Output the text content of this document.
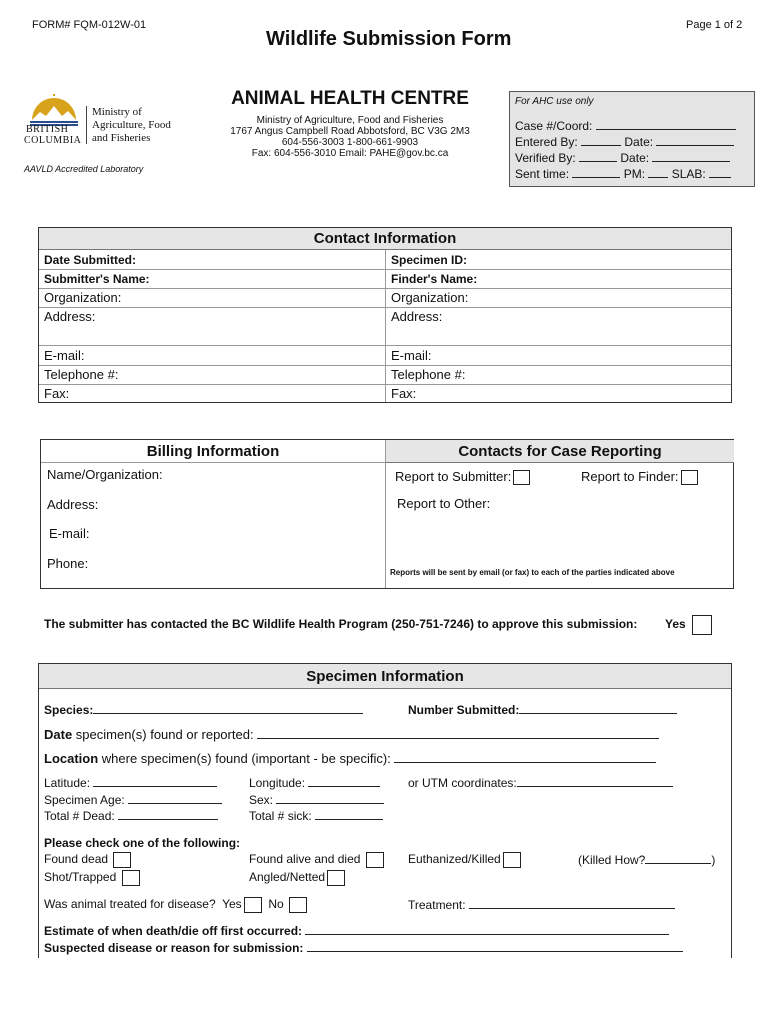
FORM# FQM-012W-01	Page 1 of 2
Wildlife Submission Form
BRITISH
COLUMBIA
Ministry of Agriculture, Food and Fisheries
AAVLD Accredited Laboratory
ANIMAL HEALTH CENTRE
Ministry of Agriculture, Food and Fisheries
1767 Angus Campbell Road Abbotsford, BC V3G 2M3
604-556-3003 1-800-661-9903
Fax: 604-556-3010 Email: PAHE@gov.bc.ca
For AHC use only
Case #/Coord:
Entered By:	Date:
Verified By:	Date:
Sent time:	PM: SLAB:
Contact Information
Date Submitted:	Specimen ID:
Submitter's Name:	Finder's Name:
Organization:	Organization:
Address:	Address:
E-mail:	E-mail:
Telephone #:	Telephone #:
Fax:	Fax:
Billing Information	Contacts for Case Reporting
Name/Organization:
Address:
E-mail:
Phone:
Report to Submitter:	Report to Finder:
Report to Other:
Reports will be sent by email (or fax) to each of the parties indicated above
The submitter has contacted the BC Wildlife Health Program (250-751-7246) to approve this submission: Yes
Specimen Information
Species:	Number Submitted:
Date specimen(s) found or reported:
Location where specimen(s) found (important - be specific):
Latitude:	Longitude:	or UTM coordinates:
Specimen Age:	Sex:
Total # Dead:	Total # sick:
Please check one of the following:
Found dead	Found alive and died	Euthanized/Killed	(Killed How?	)
Shot/Trapped	Angled/Netted
Was animal treated for disease? Yes No	Treatment:
Estimate of when death/die off first occurred:
Suspected disease or reason for submission:
